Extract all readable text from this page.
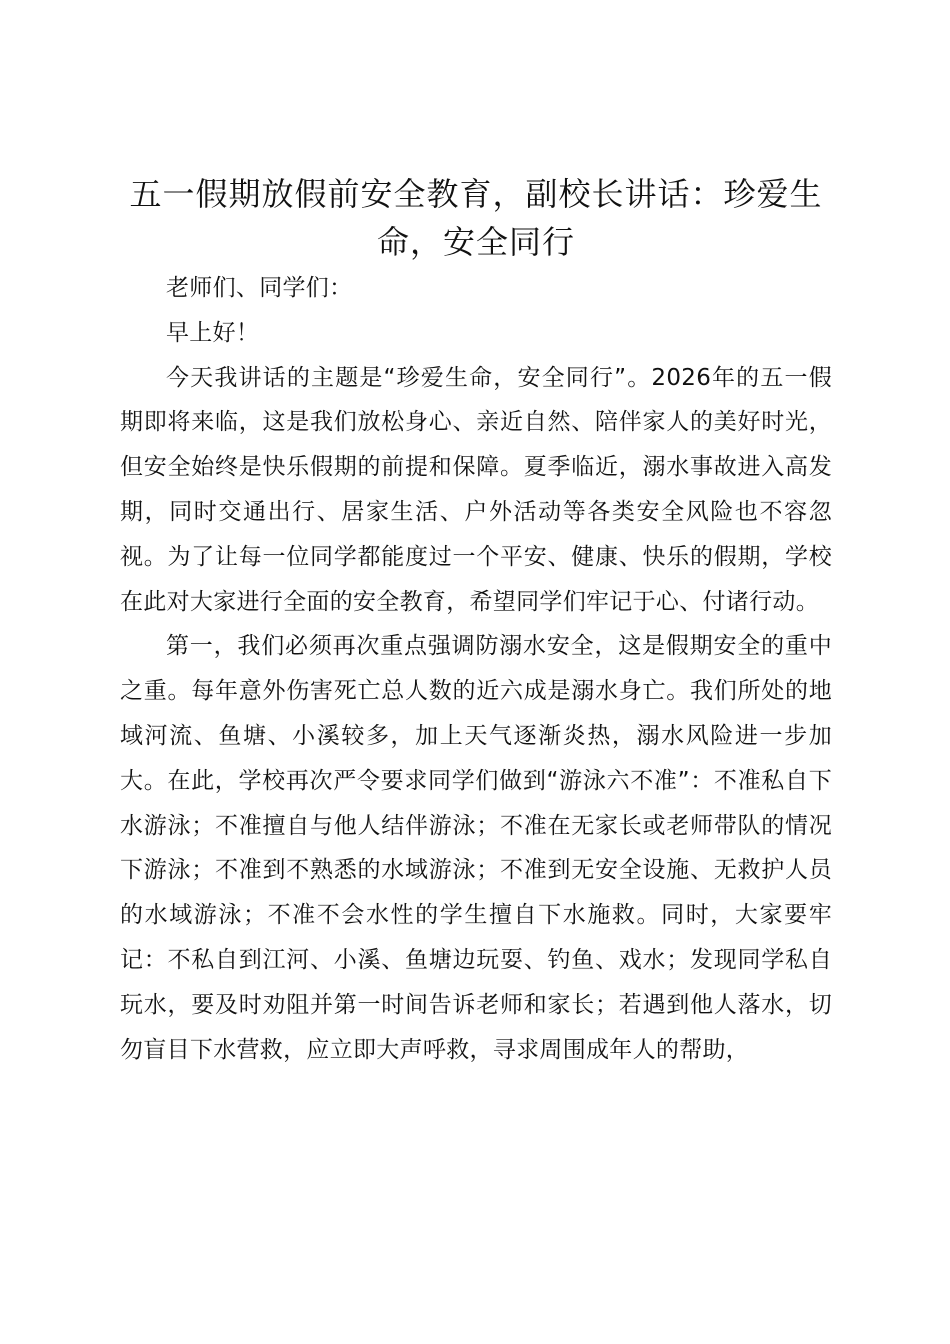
五一假期放假前安全教育，副校长讲话：珍爱生命，安全同行

老师们、同学们：

早上好！

今天我讲话的主题是“珍爱生命，安全同行”。2026年的五一假期即将来临，这是我们放松身心、亲近自然、陪伴家人的美好时光，但安全始终是快乐假期的前提和保障。夏季临近，溺水事故进入高发期，同时交通出行、居家生活、户外活动等各类安全风险也不容忽视。为了让每一位同学都能度过一个平安、健康、快乐的假期，学校在此对大家进行全面的安全教育，希望同学们牢记于心、付诸行动。

第一，我们必须再次重点强调防溺水安全，这是假期安全的重中之重。每年意外伤害死亡总人数的近六成是溺水身亡。我们所处的地域河流、鱼塘、小溪较多，加上天气逐渐炎热，溺水风险进一步加大。在此，学校再次严令要求同学们做到“游泳六不准”：不准私自下水游泳；不准擅自与他人结伴游泳；不准在无家长或老师带队的情况下游泳；不准到不熟悉的水域游泳；不准到无安全设施、无救护人员的水域游泳；不准不会水性的学生擅自下水施救。同时，大家要牢记：不私自到江河、小溪、鱼塘边玩耍、钓鱼、戏水；发现同学私自玩水，要及时劝阻并第一时间告诉老师和家长；若遇到他人落水，切勿盲目下水营救，应立即大声呼救，寻求周围成年人的帮助，
